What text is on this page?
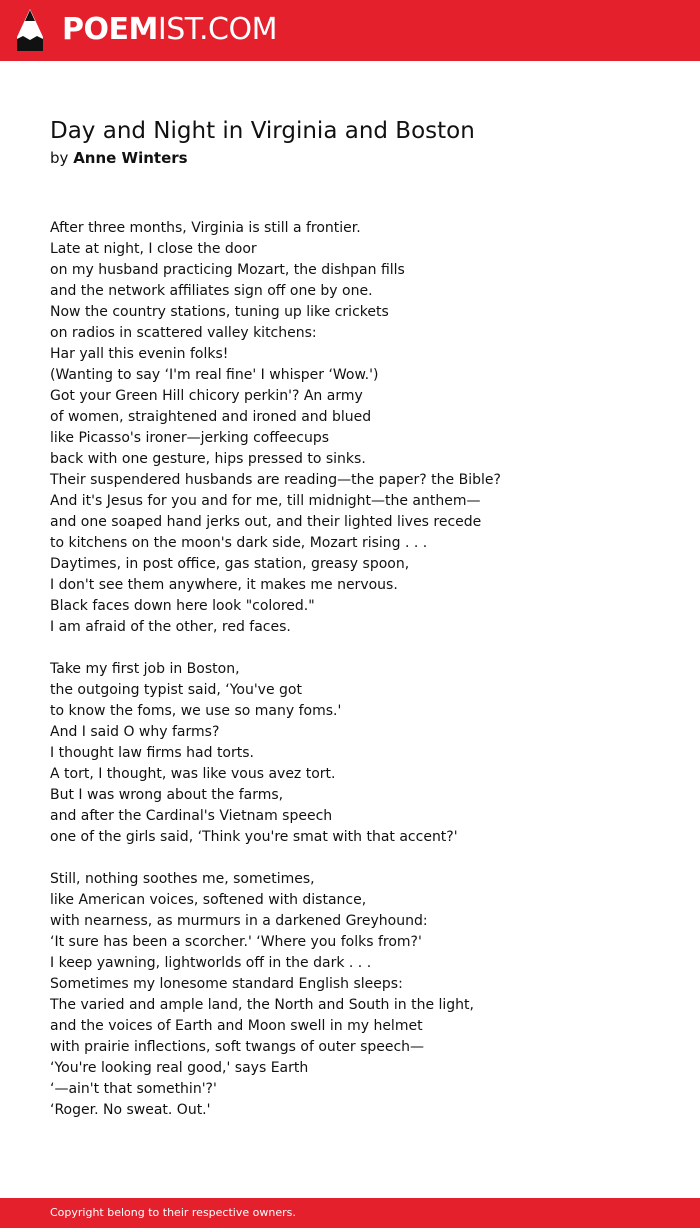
POEMIST.COM
Day and Night in Virginia and Boston
by Anne Winters
After three months, Virginia is still a frontier.
Late at night, I close the door
on my husband practicing Mozart, the dishpan fills
and the network affiliates sign off one by one.
Now the country stations, tuning up like crickets
on radios in scattered valley kitchens:
Har yall this evenin folks!
(Wanting to say ‘I'm real fine' I whisper ‘Wow.')
Got your Green Hill chicory perkin'? An army
of women, straightened and ironed and blued
like Picasso's ironer—jerking coffeecups
back with one gesture, hips pressed to sinks.
Their suspendered husbands are reading—the paper? the Bible?
And it's Jesus for you and for me, till midnight—the anthem—
and one soaped hand jerks out, and their lighted lives recede
to kitchens on the moon's dark side, Mozart rising . . .
Daytimes, in post office, gas station, greasy spoon,
I don't see them anywhere, it makes me nervous.
Black faces down here look "colored."
I am afraid of the other, red faces.
Take my first job in Boston,
the outgoing typist said, ‘You've got
to know the foms, we use so many foms.'
And I said O why farms?
I thought law firms had torts.
A tort, I thought, was like vous avez tort.
But I was wrong about the farms,
and after the Cardinal's Vietnam speech
one of the girls said, ‘Think you're smat with that accent?'
Still, nothing soothes me, sometimes,
like American voices, softened with distance,
with nearness, as murmurs in a darkened Greyhound:
‘It sure has been a scorcher.' ‘Where you folks from?'
I keep yawning, lightworlds off in the dark . . .
Sometimes my lonesome standard English sleeps:
The varied and ample land, the North and South in the light,
and the voices of Earth and Moon swell in my helmet
with prairie inflections, soft twangs of outer speech—
‘You're looking real good,' says Earth
‘—ain't that somethin'?'
‘Roger. No sweat. Out.'
Copyright belong to their respective owners.
